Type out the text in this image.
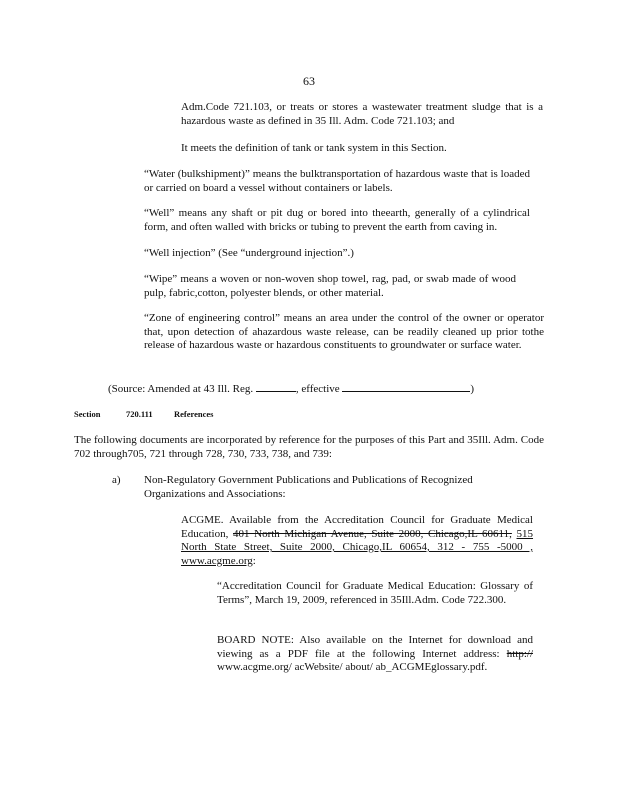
63

Adm.Code 721.103, or treats or stores a wastewater treatment sludge that is a hazardous waste as defined in 35 Ill. Adm. Code 721.103; and

It meets the definition of tank or tank system in this Section.

“Water (bulkshipment)” means the bulktransportation of hazardous waste that is loaded or carried on board a vessel without containers or labels.

“Well” means any shaft or pit dug or bored into theearth, generally of a cylindrical form, and often walled with bricks or tubing to prevent the earth from caving in.

“Well injection” (See “underground injection”.)

“Wipe” means a woven or non-woven shop towel, rag, pad, or swab made of wood pulp, fabric,cotton, polyester blends, or other material.

“Zone of engineering control” means an area under the control of the owner or operator that, upon detection of ahazardous waste release, can be readily cleaned up prior tothe release of hazardous waste or hazardous constituents to groundwater or surface water.

(Source: Amended at 43 Ill. Reg.	, effective	)
Section	720.111	References

The following documents are incorporated by reference for the purposes of this Part and 35Ill. Adm. Code 702 through705, 721 through 728, 730, 733, 738, and 739:

a) Non-Regulatory Government Publications and Publications of Recognized Organizations and Associations:

ACGME. Available from the Accreditation Council for Graduate Medical Education, 401 North Michigan Avenue, Suite 2000, Chicago,IL 60611, 515 North State Street, Suite 2000, Chicago,IL 60654, 312 - 755 -5000 , www.acgme.org:

“Accreditation Council for Graduate Medical Education: Glossary of Terms”, March 19, 2009, referenced in 35Ill.Adm. Code 722.300.

BOARD NOTE: Also available on the Internet for download and viewing as a PDF file at the following Internet address: http:// www.acgme.org/ acWebsite/ about/ ab_ACGMEglossary.pdf.
